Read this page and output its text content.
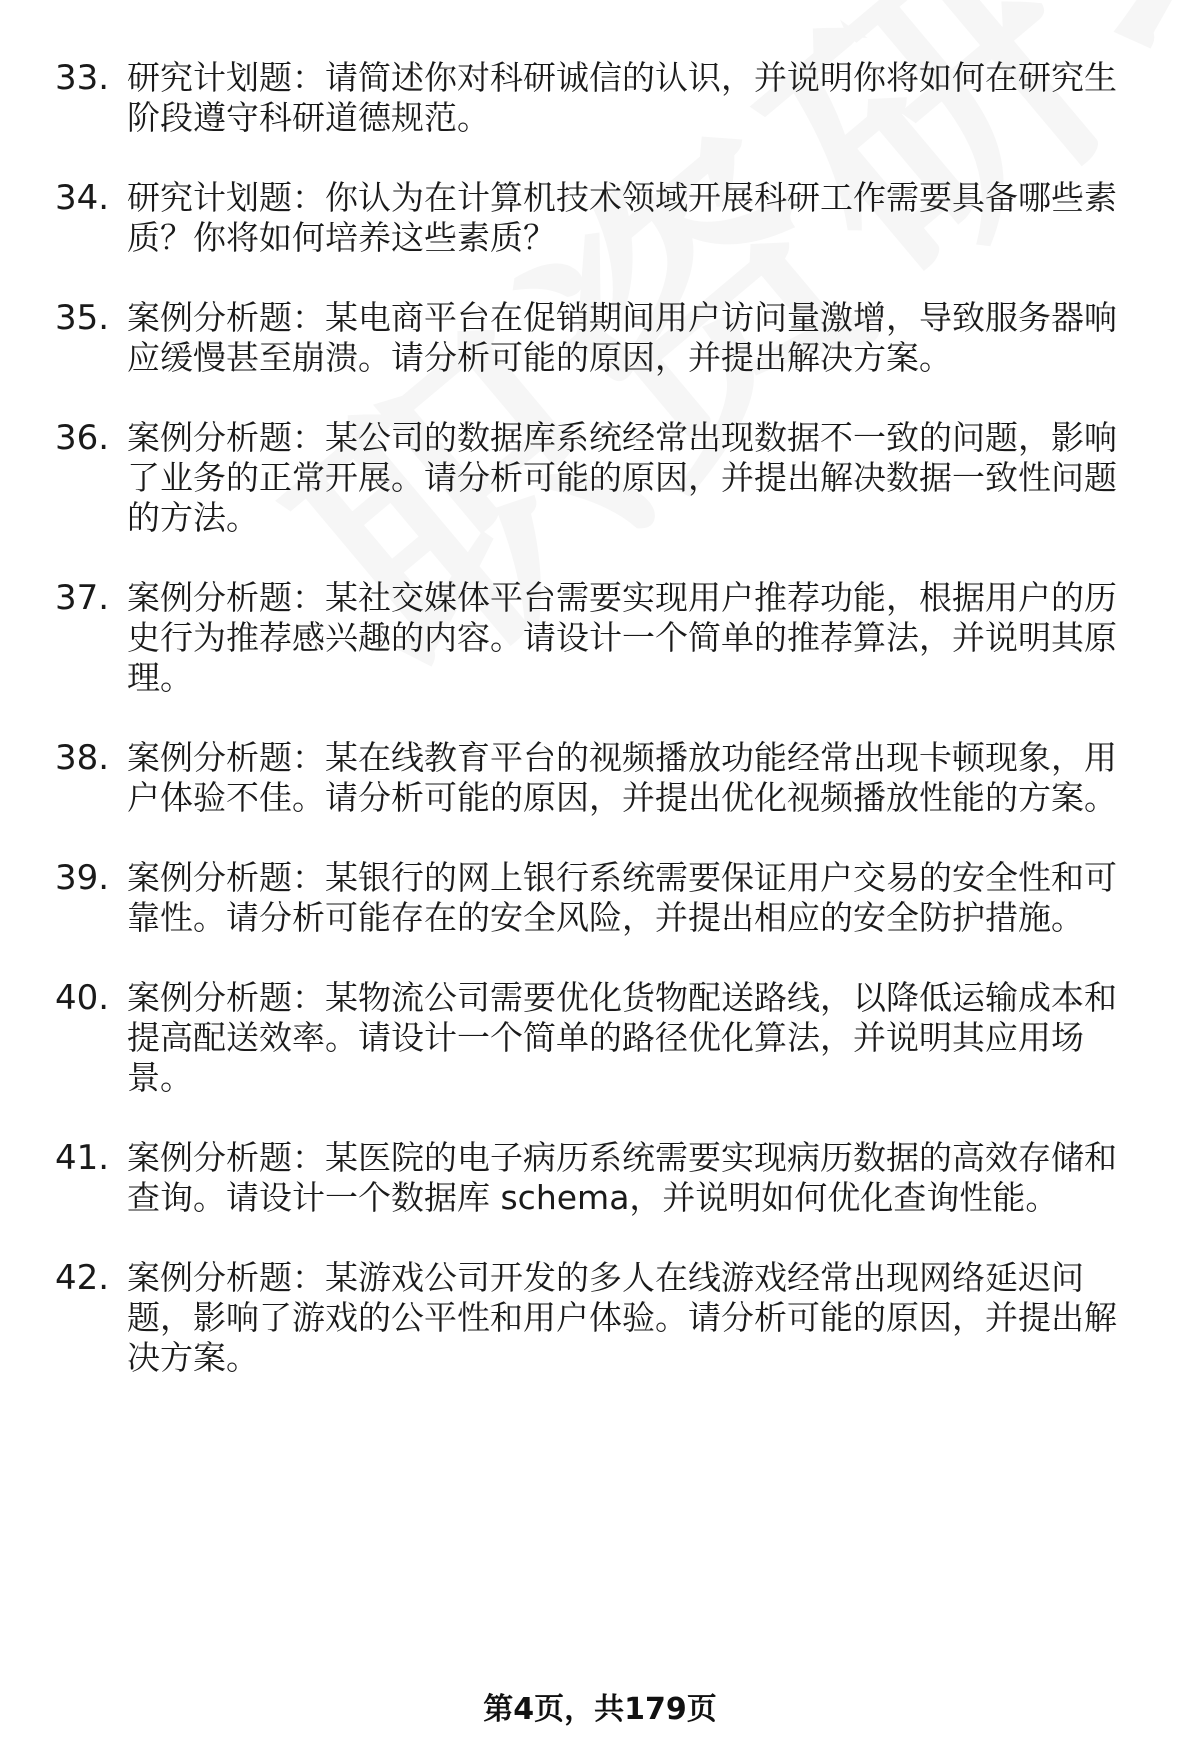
33. 研究计划题：请简述你对科研诚信的认识，并说明你将如何在研究生阶段遵守科研道德规范。
34. 研究计划题：你认为在计算机技术领域开展科研工作需要具备哪些素质？你将如何培养这些素质？
35. 案例分析题：某电商平台在促销期间用户访问量激增，导致服务器响应缓慢甚至崩溃。请分析可能的原因，并提出解决方案。
36. 案例分析题：某公司的数据库系统经常出现数据不一致的问题，影响了业务的正常开展。请分析可能的原因，并提出解决数据一致性问题的方法。
37. 案例分析题：某社交媒体平台需要实现用户推荐功能，根据用户的历史行为推荐感兴趣的内容。请设计一个简单的推荐算法，并说明其原理。
38. 案例分析题：某在线教育平台的视频播放功能经常出现卡顿现象，用户体验不佳。请分析可能的原因，并提出优化视频播放性能的方案。
39. 案例分析题：某银行的网上银行系统需要保证用户交易的安全性和可靠性。请分析可能存在的安全风险，并提出相应的安全防护措施。
40. 案例分析题：某物流公司需要优化货物配送路线，以降低运输成本和提高配送效率。请设计一个简单的路径优化算法，并说明其应用场景。
41. 案例分析题：某医院的电子病历系统需要实现病历数据的高效存储和查询。请设计一个数据库 schema，并说明如何优化查询性能。
42. 案例分析题：某游戏公司开发的多人在线游戏经常出现网络延迟问题，影响了游戏的公平性和用户体验。请分析可能的原因，并提出解决方案。
第4页，共179页
